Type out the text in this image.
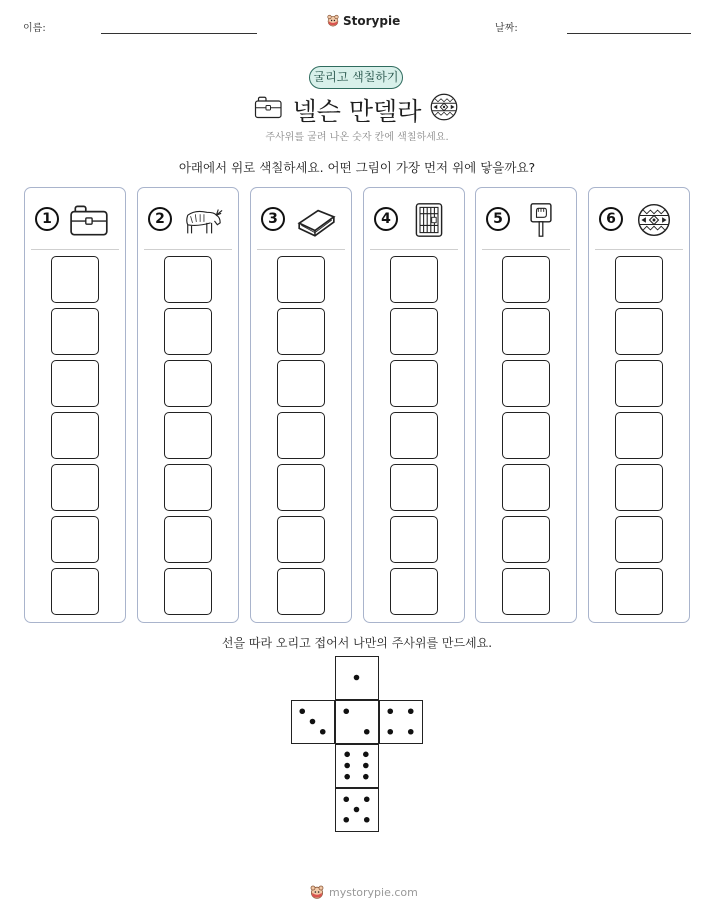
이름:
Storypie
날짜:
굴리고 색칠하기
넬슨 만델라
주사위를 굴려 나온 숫자 칸에 색칠하세요.
아래에서 위로 색칠하세요. 어떤 그림이 가장 먼저 위에 닿을까요?
1	2	3	4	5	6
선을 따라 오리고 접어서 나만의 주사위를 만드세요.
mystorypie.com
